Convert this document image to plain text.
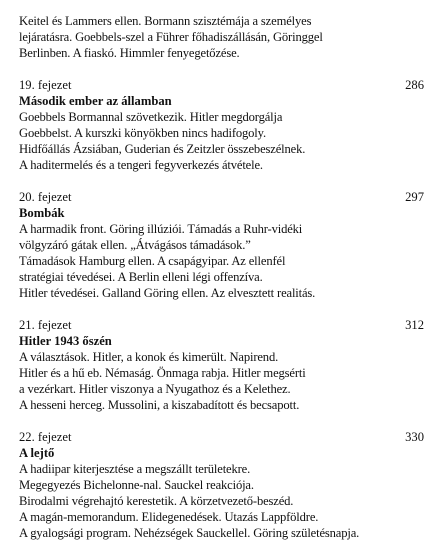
Keitel és Lammers ellen. Bormann szisztémája a személyes
lejáratásra. Goebbels-szel a Führer főhadiszállásán, Göringgel
Berlinben. A fiaskó. Himmler fenyegetőzése.
19. fejezet	286
Második ember az államban
Goebbels Bormannal szövetkezik. Hitler megdorgálja
Goebbelst. A kurszki könyökben nincs hadifogoly.
Hidfőállás Ázsiában, Guderian és Zeitzler összebeszélnek.
A haditermelés és a tengeri fegyverkezés átvétele.
20. fejezet	297
Bombák
A harmadik front. Göring illúziói. Támadás a Ruhr-vidéki
völgyzáró gátak ellen. „Átvágásos támadások.”
Támadások Hamburg ellen. A csapágyipar. Az ellenfél
stratégiai tévedései. A Berlin elleni légi offenzíva.
Hitler tévedései. Galland Göring ellen. Az elvesztett realitás.
21. fejezet	312
Hitler 1943 őszén
A választások. Hitler, a konok és kimerült. Napirend.
Hitler és a hű eb. Némaság. Önmaga rabja. Hitler megsérti
a vezérkart. Hitler viszonya a Nyugathoz és a Kelethez.
A hesseni herceg. Mussolini, a kiszabadított és becsapott.
22. fejezet	330
A lejtő
A hadiipar kiterjesztése a megszállt területekre.
Megegyezés Bichelonne-nal. Sauckel reakciója.
Birodalmi végrehajtó kerestetik. A körzetvezető-beszéd.
A magán-memorandum. Elidegenedések. Utazás Lappföldre.
A gyalogsági program. Nehézségek Sauckellel. Göring születésnapja.
